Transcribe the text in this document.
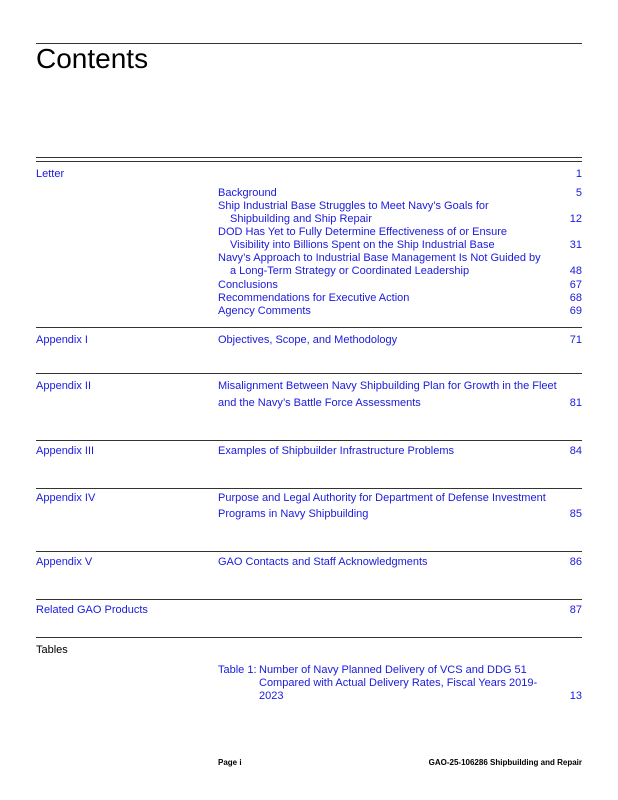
Contents
Letter	1
Background	5
Ship Industrial Base Struggles to Meet Navy’s Goals for
Shipbuilding and Ship Repair	12
DOD Has Yet to Fully Determine Effectiveness of or Ensure
Visibility into Billions Spent on the Ship Industrial Base	31
Navy’s Approach to Industrial Base Management Is Not Guided by
a Long-Term Strategy or Coordinated Leadership	48
Conclusions	67
Recommendations for Executive Action	68
Agency Comments	69
Appendix I	Objectives, Scope, and Methodology	71
Appendix II	Misalignment Between Navy Shipbuilding Plan for Growth in the Fleet
and the Navy’s Battle Force Assessments	81
Appendix III	Examples of Shipbuilder Infrastructure Problems	84
Appendix IV	Purpose and Legal Authority for Department of Defense Investment
Programs in Navy Shipbuilding	85
Appendix V	GAO Contacts and Staff Acknowledgments	86
Related GAO Products	87
Tables
Table 1: Number of Navy Planned Delivery of VCS and DDG 51
Compared with Actual Delivery Rates, Fiscal Years 2019-
2023	13
Page i	GAO-25-106286 Shipbuilding and Repair
